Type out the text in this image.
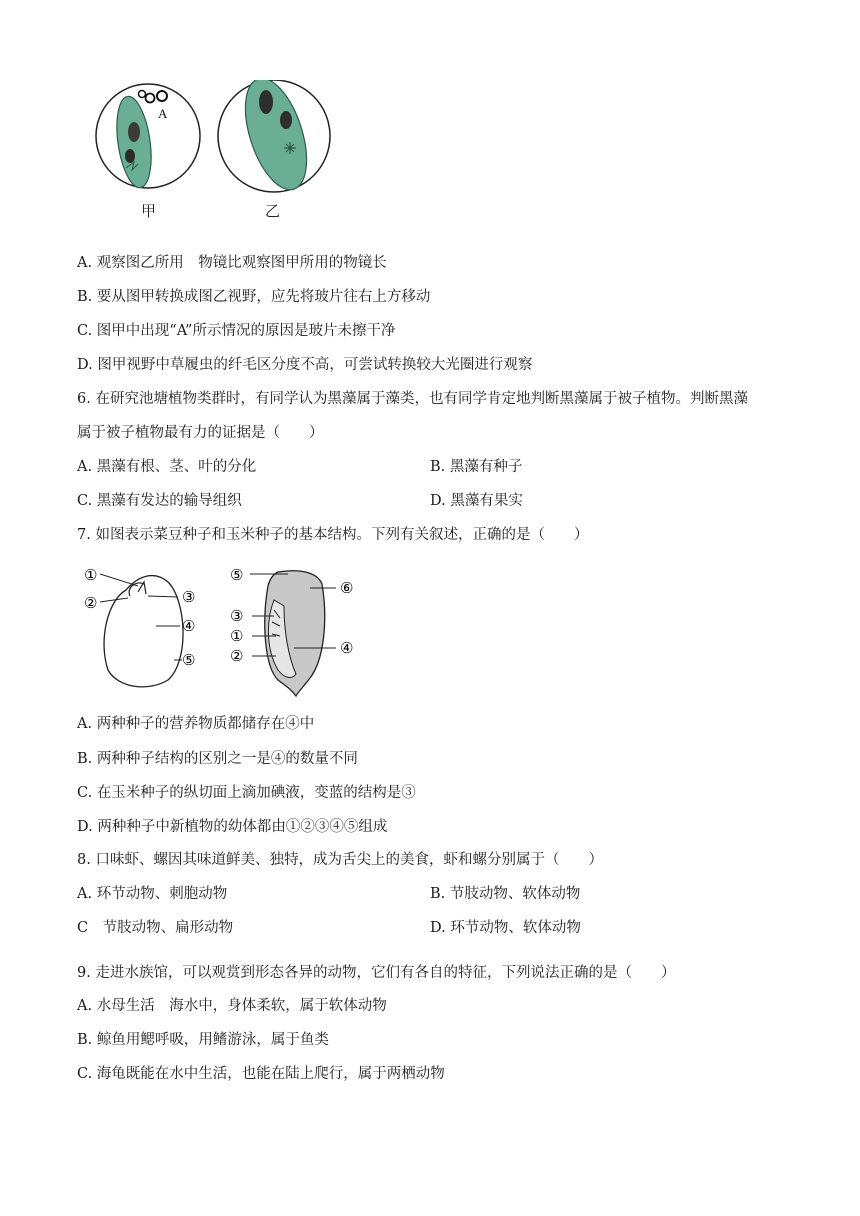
A
甲	乙
A. 观察图乙所用　物镜比观察图甲所用的物镜长
B. 要从图甲转换成图乙视野，应先将玻片往右上方移动
C. 图甲中出现“A”所示情况的原因是玻片未擦干净
D. 图甲视野中草履虫的纤毛区分度不高，可尝试转换较大光圈进行观察
6. 在研究池塘植物类群时，有同学认为黑藻属于藻类，也有同学肯定地判断黑藻属于被子植物。判断黑藻
属于被子植物最有力的证据是（　　）
A. 黑藻有根、茎、叶的分化	B. 黑藻有种子
C. 黑藻有发达的输导组织	D. 黑藻有果实
7. 如图表示菜豆种子和玉米种子的基本结构。下列有关叙述，正确的是（　　）
①
②	③
④
⑤
⑤
⑥
③
①
②	④
A. 两种种子的营养物质都储存在④中
B. 两种种子结构的区别之一是④的数量不同
C. 在玉米种子的纵切面上滴加碘液，变蓝的结构是③
D. 两种种子中新植物的幼体都由①②③④⑤组成
8. 口味虾、螺因其味道鲜美、独特，成为舌尖上的美食，虾和螺分别属于（　　）
A. 环节动物、刺胞动物	B. 节肢动物、软体动物
C　节肢动物、扁形动物	D. 环节动物、软体动物
9. 走进水族馆，可以观赏到形态各异的动物，它们有各自的特征，下列说法正确的是（　　）
A. 水母生活　海水中，身体柔软，属于软体动物
B. 鲸鱼用鳃呼吸，用鳍游泳，属于鱼类
C. 海龟既能在水中生活，也能在陆上爬行，属于两栖动物
